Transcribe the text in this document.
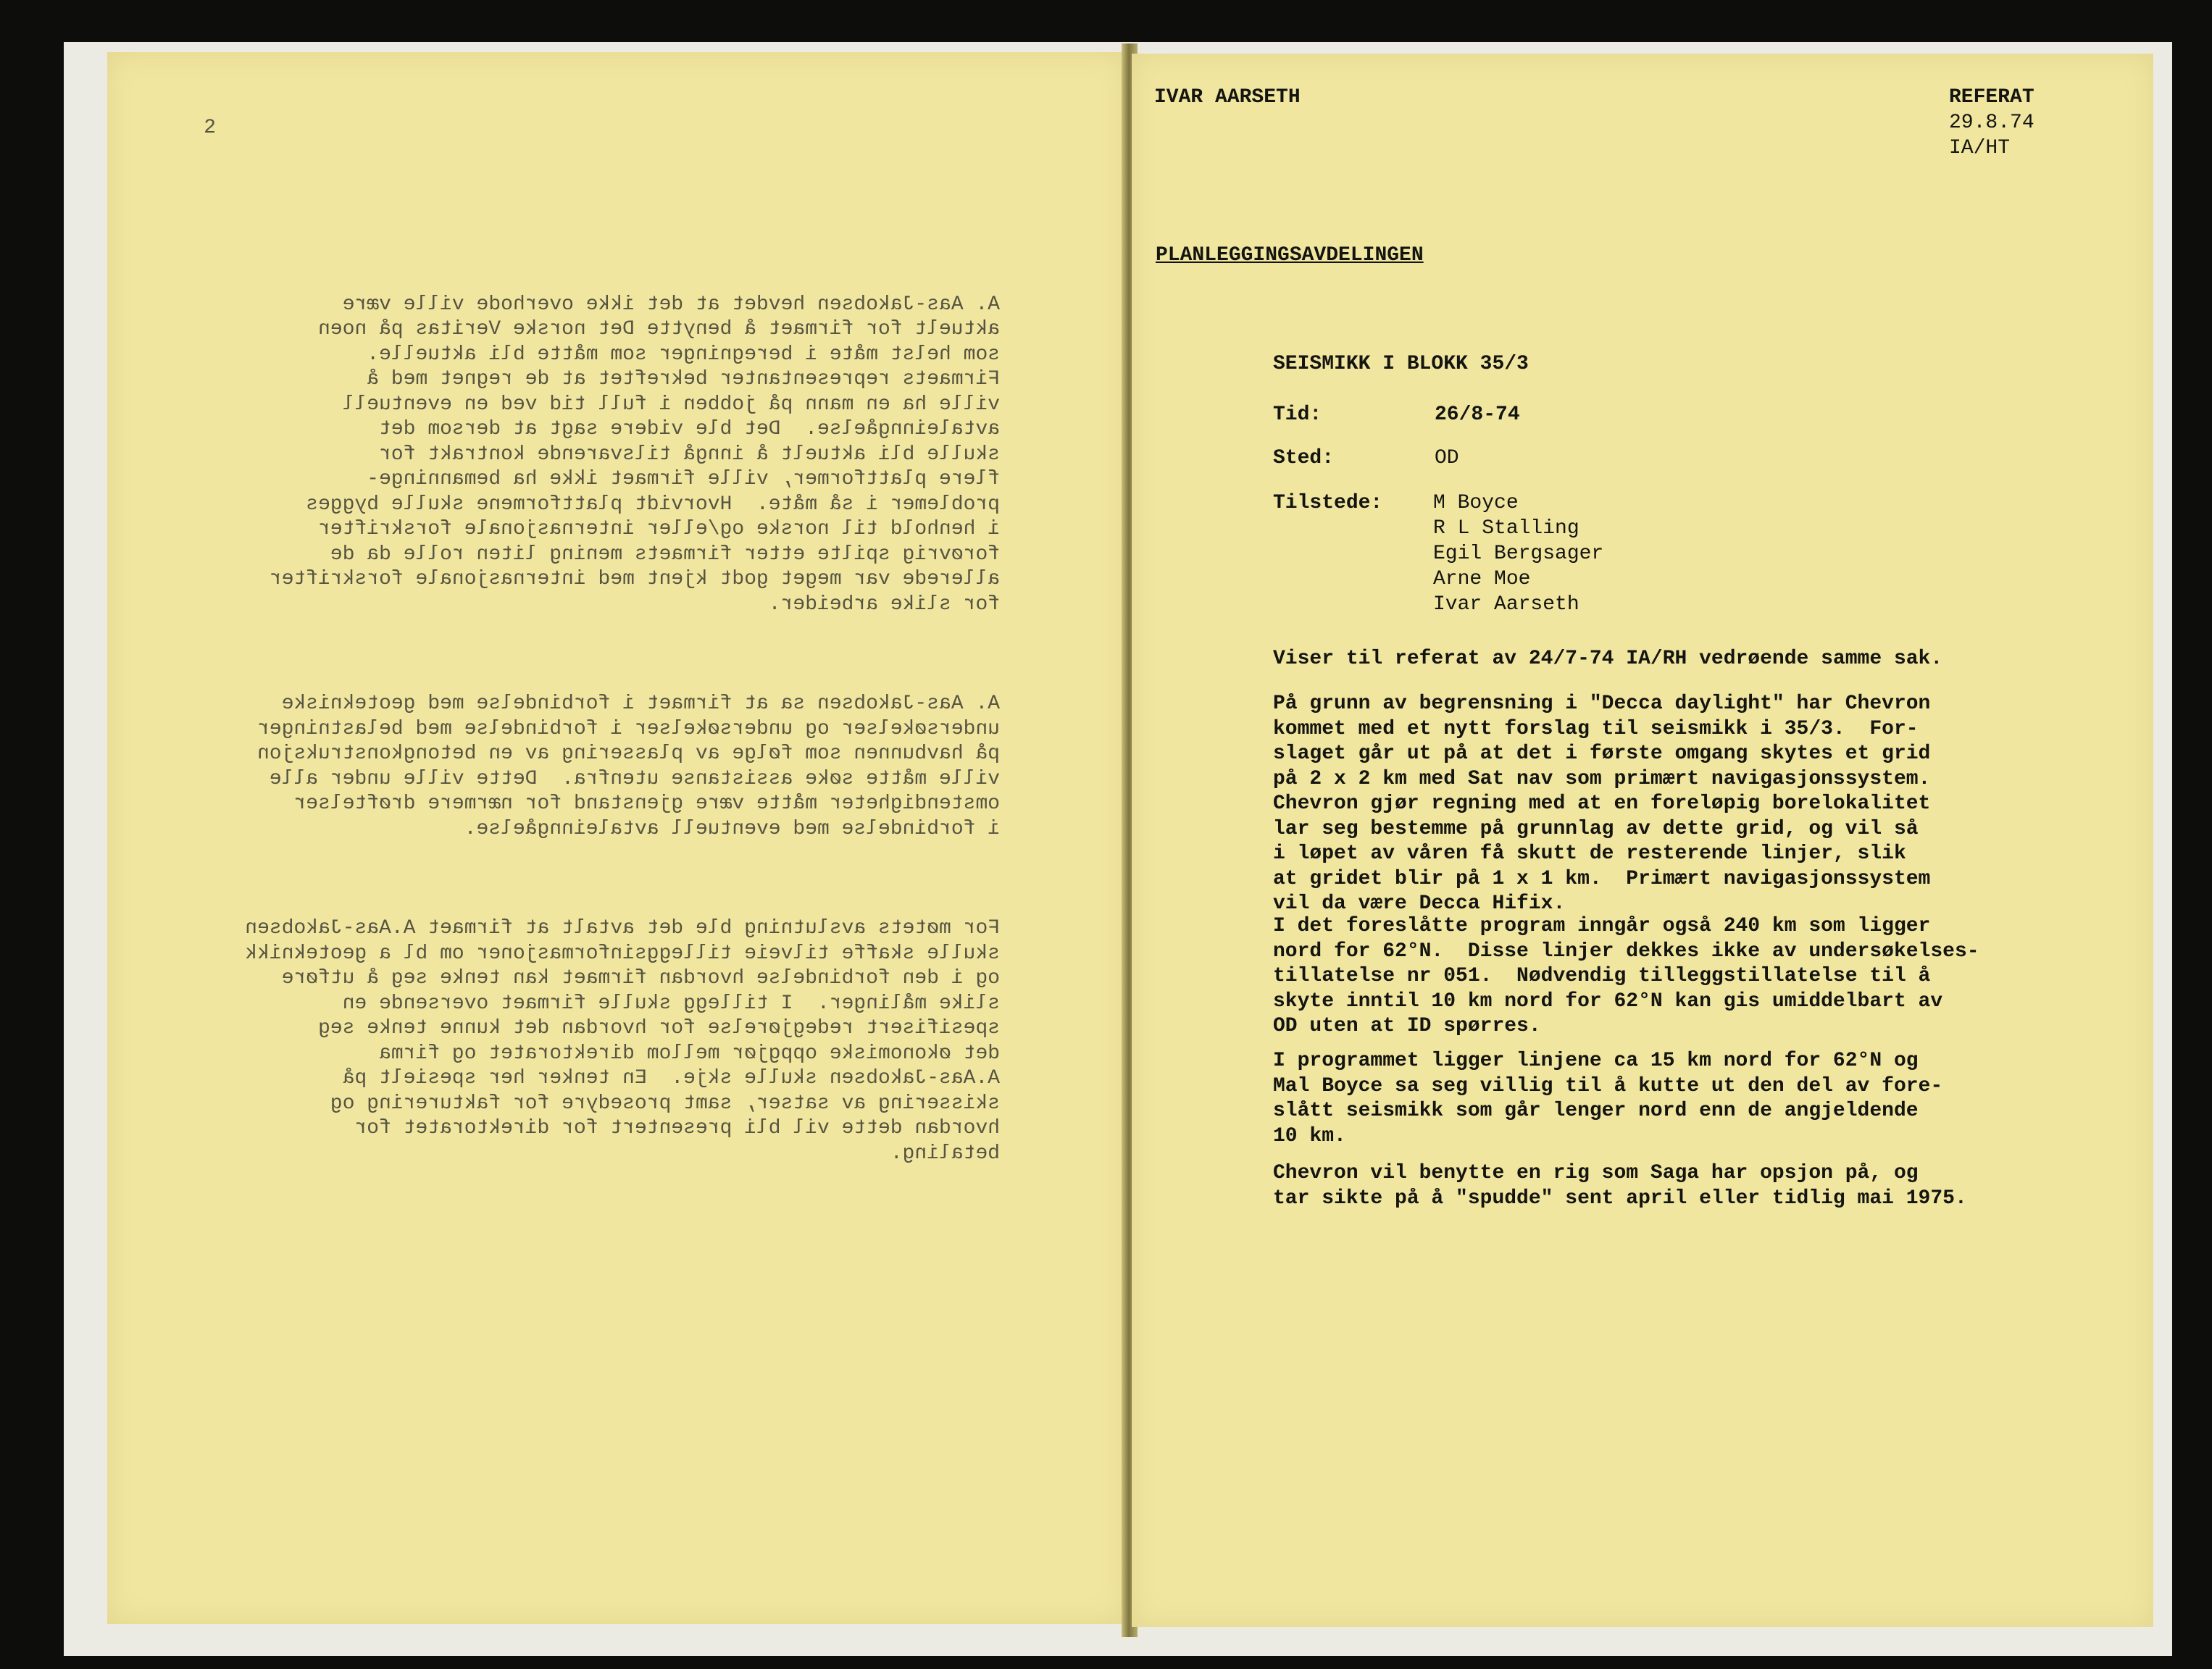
2

A. Aas-Jakobsen hevdet at det ikke overhode ville være
aktuelt for firmaet å benytte Det norske Veritas på noen
som helst måte i beregninger som måtte bli aktuelle.
Firmaets representanter bekreftet at de regnet med å
ville ha en mann på jobben i full tid ved en eventuell
avtaleinngåelse.  Det ble videre sagt at dersom det
skulle bli aktuelt å inngå tilsvarende kontrakt for
flere plattformer, ville firmaet ikke ha bemanninge-
problemer i så måte.  Hvorvidt plattformene skulle bygges
i henhold til norske og/eller internasjonale forskrifter
forøvrig spilte etter firmaets mening liten rolle da de
allerede var meget godt kjent med internasjonale forskrifter
for slike arbeider.

A. Aas-Jakobsen sa at firmaet i forbindelse med geotekniske
undersøkelser og undersøkelser i forbindelse med belastninger
på havbunnen som følge av plassering av en betongkonstruksjon
ville måtte søke assistanse utenfra.  Dette ville under alle
omstendigheter måtte være gjenstand for nærmere drøftelser
i forbindelse med eventuell avtaleinngåelse.

For møtets avslutning ble det avtalt at firmaet A.Aas-Jakobsen
skulle skaffe tilveie tilleggsinformasjoner om bl a geoteknikk
og i den forbindelse hvordan firmaet kan tenke seg å utføre
slike målinger.  I tillegg skulle firmaet oversende en
spesifisert redegjørelse for hvordan det kunne tenke seg
det økonomiske oppgjør mellom direktoratet og firma
A.Aas-Jakobsen skulle skje.  En tenker her spesielt på
skissering av satser, samt prosedyre for fakturering og
hvordan dette vil bli presentert for direktoratet for
betaling.

IVAR AARSETH	REFERAT
29.8.74
IA/HT
PLANLEGGINGSAVDELINGEN
SEISMIKK I BLOKK 35/3
Tid:	26/8-74
Sted:	OD
Tilstede: M Boyce
R L Stalling
Egil Bergsager
Arne Moe
Ivar Aarseth
Viser til referat av 24/7-74 IA/RH vedrøende samme sak.
På grunn av begrensning i "Decca daylight" har Chevron
kommet med et nytt forslag til seismikk i 35/3.  For-
slaget går ut på at det i første omgang skytes et grid
på 2 x 2 km med Sat nav som primært navigasjonssystem.
Chevron gjør regning med at en foreløpig borelokalitet
lar seg bestemme på grunnlag av dette grid, og vil så
i løpet av våren få skutt de resterende linjer, slik
at gridet blir på 1 x 1 km.  Primært navigasjonssystem
vil da være Decca Hifix.
I det foreslåtte program inngår også 240 km som ligger
nord for 62°N.  Disse linjer dekkes ikke av undersøkelses-
tillatelse nr 051.  Nødvendig tilleggstillatelse til å
skyte inntil 10 km nord for 62°N kan gis umiddelbart av
OD uten at ID spørres.
I programmet ligger linjene ca 15 km nord for 62°N og
Mal Boyce sa seg villig til å kutte ut den del av fore-
slått seismikk som går lenger nord enn de angjeldende
10 km.
Chevron vil benytte en rig som Saga har opsjon på, og
tar sikte på å "spudde" sent april eller tidlig mai 1975.
